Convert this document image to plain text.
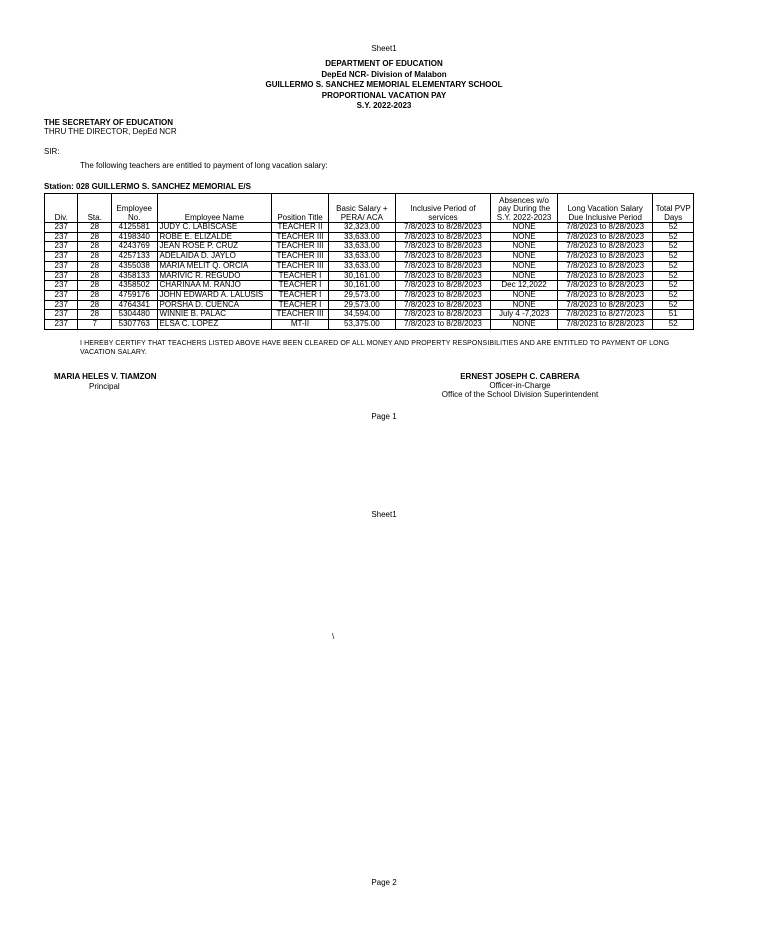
Sheet1
DEPARTMENT OF EDUCATION
DepEd NCR- Division of Malabon
GUILLERMO S. SANCHEZ MEMORIAL ELEMENTARY SCHOOL
PROPORTIONAL VACATION PAY
S.Y. 2022-2023
THE SECRETARY OF EDUCATION
THRU THE DIRECTOR, DepEd NCR
SIR:
The following teachers are entitled to payment of long vacation salary:
Station: 028 GUILLERMO S. SANCHEZ MEMORIAL E/S
Div.	Sta.	Employee No.	Employee Name	Position Title	Basic Salary + PERA/ ACA	Inclusive Period of services	Absences w/o pay During the S.Y. 2022-2023	Long Vacation Salary Due Inclusive Period	Total PVP Days
237	28	4125581	JUDY C. LABISCASE	TEACHER II	32,323.00	7/8/2023 to 8/28/2023	NONE	7/8/2023 to 8/28/2023	52
237	28	4198340	ROBE E. ELIZALDE	TEACHER III	33,633.00	7/8/2023 to 8/28/2023	NONE	7/8/2023 to 8/28/2023	52
237	28	4243769	JEAN ROSE P. CRUZ	TEACHER III	33,633.00	7/8/2023 to 8/28/2023	NONE	7/8/2023 to 8/28/2023	52
237	28	4257133	ADELAIDA D. JAYLO	TEACHER III	33,633.00	7/8/2023 to 8/28/2023	NONE	7/8/2023 to 8/28/2023	52
237	28	4355038	MARIA MELIT Q. ORCIA	TEACHER III	33,633.00	7/8/2023 to 8/28/2023	NONE	7/8/2023 to 8/28/2023	52
237	28	4358133	MARIVIC R. REGUDO	TEACHER I	30,161.00	7/8/2023 to 8/28/2023	NONE	7/8/2023 to 8/28/2023	52
237	28	4358502	CHARINAA M. RANJO	TEACHER I	30,161.00	7/8/2023 to 8/28/2023	Dec 12,2022	7/8/2023 to 8/28/2023	52
237	28	4759176	JOHN EDWARD A. LALUSIS	TEACHER I	29,573.00	7/8/2023 to 8/28/2023	NONE	7/8/2023 to 8/28/2023	52
237	28	4764341	PORSHA D. CUENCA	TEACHER I	29,573.00	7/8/2023 to 8/28/2023	NONE	7/8/2023 to 8/28/2023	52
237	28	5304480	WINNIE B. PALAC	TEACHER III	34,594.00	7/8/2023 to 8/28/2023	July 4 -7,2023	7/8/2023 to 8/27/2023	51
237	7	5307763	ELSA C. LOPEZ	MT-II	53,375.00	7/8/2023 to 8/28/2023	NONE	7/8/2023 to 8/28/2023	52
I HEREBY CERTIFY THAT TEACHERS LISTED ABOVE HAVE BEEN CLEARED OF ALL MONEY AND PROPERTY RESPONSIBILITIES AND ARE ENTITLED TO PAYMENT OF LONG VACATION SALARY.
MARIA HELES V. TIAMZON
Principal
ERNEST JOSEPH C. CABRERA
Officer-in-Charge
Office of the School Division Superintendent
Page 1
Sheet1
\
Page 2
